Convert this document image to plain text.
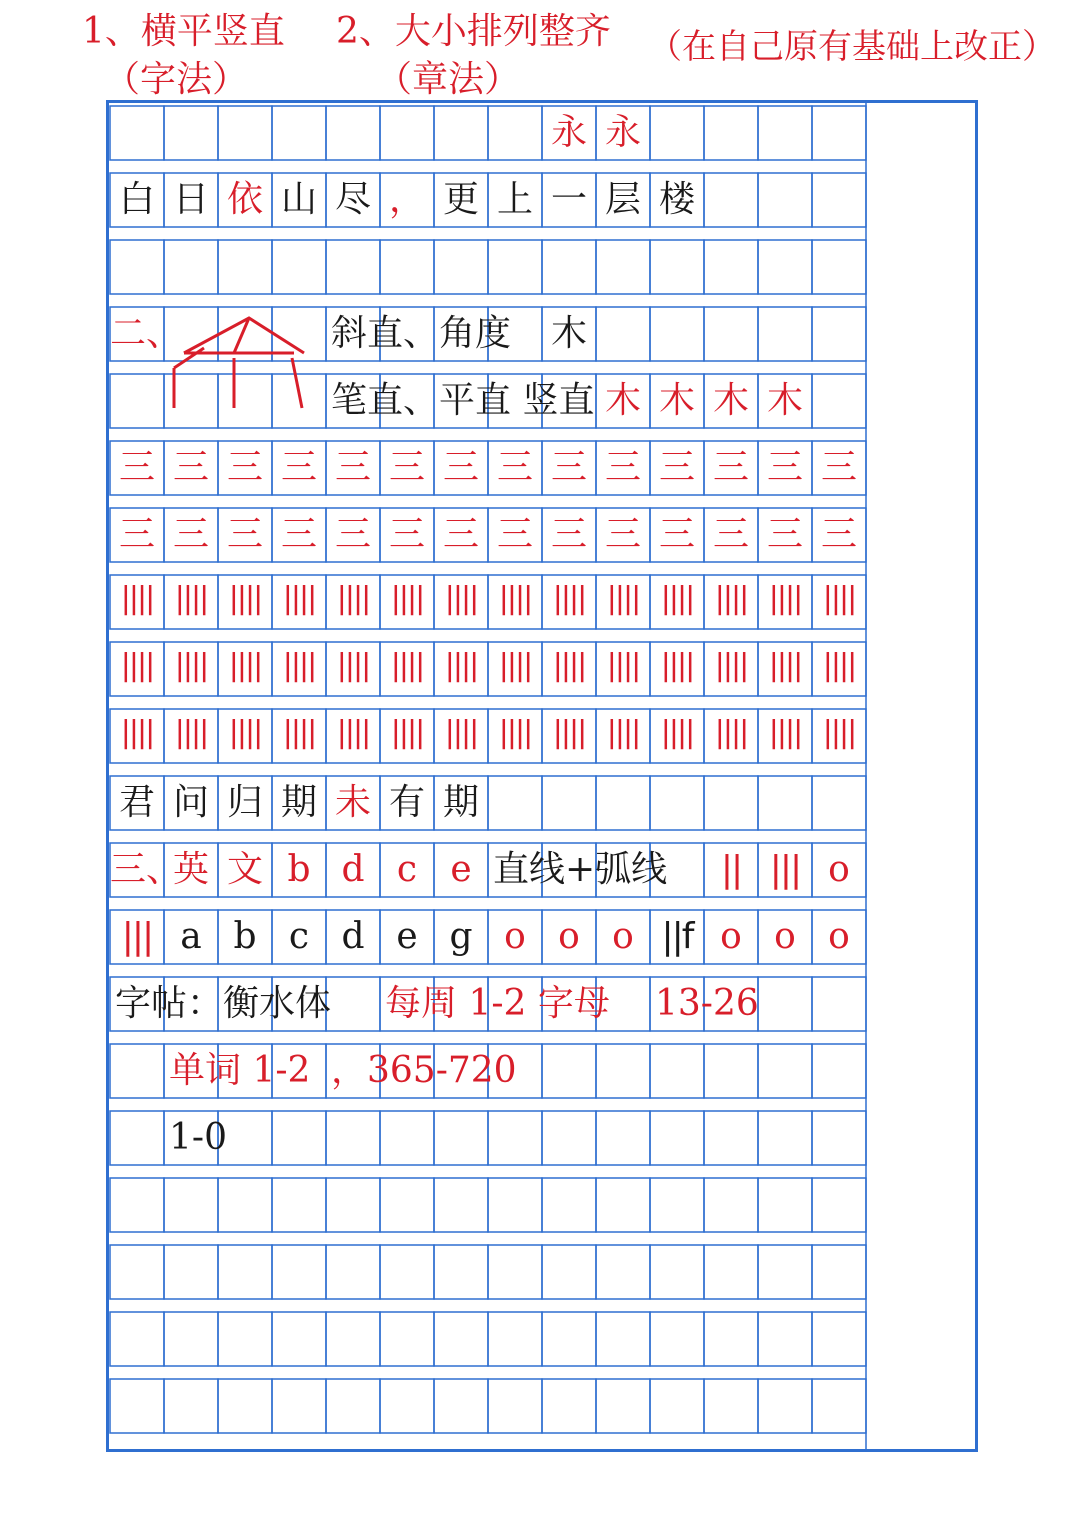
1、横平竖直
（字法）
2、大小排列整齐
（章法）
（在自己原有基础上改正）
永 永
白 日 依 山 尽 ， 更 上 一 层 楼
二、	木
斜直、角度
木 木 木 木
笔直、平直 竖直
三 三 三 三 三 三 三 三 三 三 三 三 三 三
三 三 三 三 三 三 三 三 三 三 三 三 三 三
|||| |||| |||| |||| |||| |||| |||| |||| |||| |||| |||| |||| |||| ||||
|||| |||| |||| |||| |||| |||| |||| |||| |||| |||| |||| |||| |||| ||||
|||| |||| |||| |||| |||| |||| |||| |||| |||| |||| |||| |||| |||| ||||
君 问 归 期 未 有 期
三、
英 文 b d c e	|| ||| o
直线+弧线
||| a b c d e g o o o ||f o o o
字帖：衡水体 每周 1-2 字母 13-26
单词 1-2 ，365-720
1-0
